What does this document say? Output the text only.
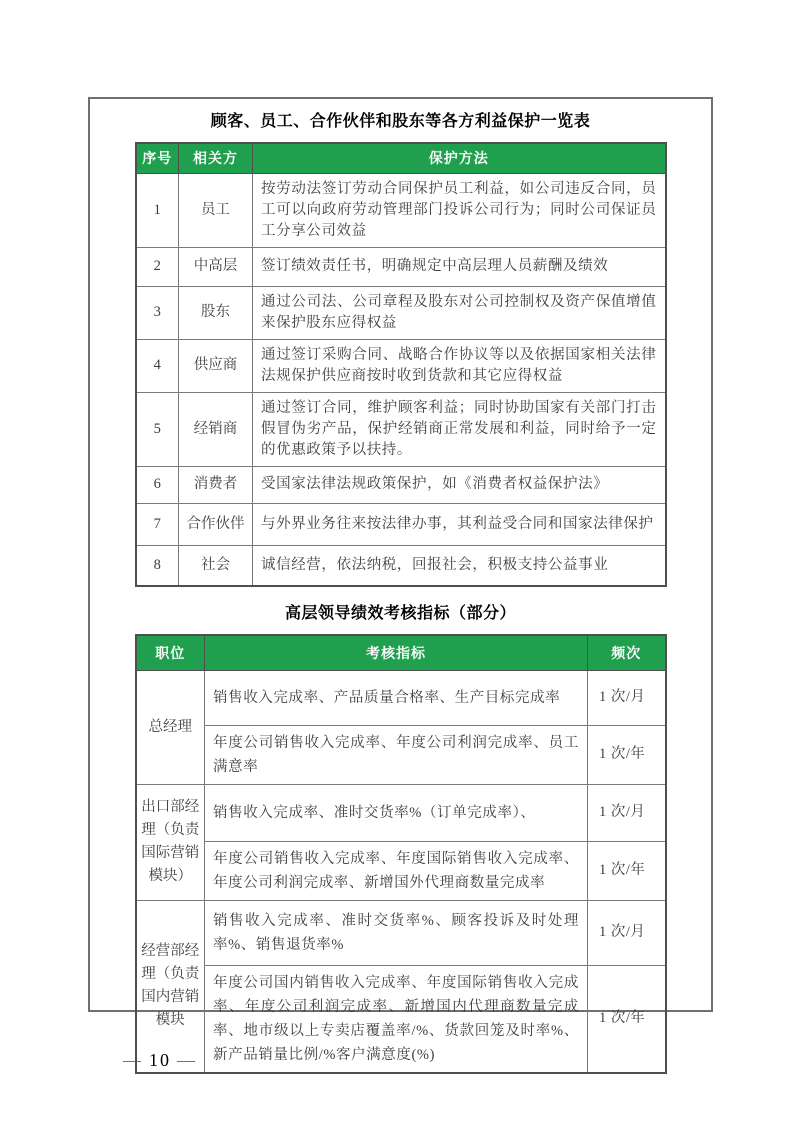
顾客、员工、合作伙伴和股东等各方利益保护一览表
序号	相关方	保护方法
1	员工	按劳动法签订劳动合同保护员工利益，如公司违反合同，员工可以向政府劳动管理部门投诉公司行为；同时公司保证员工分享公司效益
2	中高层	签订绩效责任书，明确规定中高层理人员薪酬及绩效
3	股东	通过公司法、公司章程及股东对公司控制权及资产保值增值来保护股东应得权益
4	供应商	通过签订采购合同、战略合作协议等以及依据国家相关法律法规保护供应商按时收到货款和其它应得权益
5	经销商	通过签订合同，维护顾客利益；同时协助国家有关部门打击假冒伪劣产品，保护经销商正常发展和利益，同时给予一定的优惠政策予以扶持。
6	消费者	受国家法律法规政策保护，如《消费者权益保护法》
7	合作伙伴	与外界业务往来按法律办事，其利益受合同和国家法律保护
8	社会	诚信经营，依法纳税，回报社会，积极支持公益事业
高层领导绩效考核指标（部分）
职位	考核指标	频次
总经理	销售收入完成率、产品质量合格率、生产目标完成率	1 次/月
	年度公司销售收入完成率、年度公司利润完成率、员工满意率	1 次/年
出口部经理（负责国际营销模块）	销售收入完成率、准时交货率%（订单完成率）、	1 次/月
	年度公司销售收入完成率、年度国际销售收入完成率、年度公司利润完成率、新增国外代理商数量完成率	1 次/年
经营部经理（负责国内营销模块	销售收入完成率、准时交货率%、顾客投诉及时处理率%、销售退货率%	1 次/月
	年度公司国内销售收入完成率、年度国际销售收入完成率、年度公司利润完成率、新增国内代理商数量完成率、地市级以上专卖店覆盖率/%、货款回笼及时率%、新产品销量比例/%客户满意度(%)	1 次/年
— 10 —
